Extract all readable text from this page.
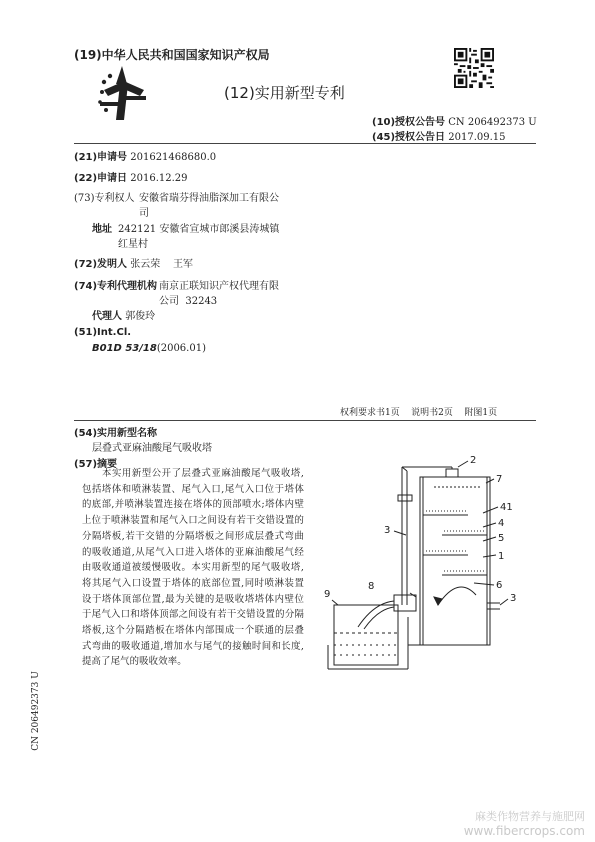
(19)中华人民共和国国家知识产权局
(12)实用新型专利
(10)授权公告号 CN 206492373 U
(45)授权公告日 2017.09.15
(21)申请号 201621468680.0
(22)申请日 2016.12.29
(73)专利权人 安徽省瑞芬得油脂深加工有限公
司
地址 242121 安徽省宣城市郎溪县涛城镇
红星村
(72)发明人 张云荣    王军
(74)专利代理机构 南京正联知识产权代理有限
公司  32243
代理人 郭俊玲
(51)Int.Cl.
B01D 53/18(2006.01)
权利要求书1页    说明书2页    附图1页
(54)实用新型名称
层叠式亚麻油酸尾气吸收塔
(57)摘要
本实用新型公开了层叠式亚麻油酸尾气吸收塔,包括塔体和喷淋装置、尾气入口,尾气入口位于塔体的底部,并喷淋装置连接在塔体的顶部喷水;塔体内壁上位于喷淋装置和尾气入口之间设有若干交错设置的分隔塔板,若干交错的分隔塔板之间形成层叠式弯曲的吸收通道,从尾气入口进入塔体的亚麻油酸尾气经由吸收通道被缓慢吸收。本实用新型的尾气吸收塔,将其尾气入口设置于塔体的底部位置,同时喷淋装置设于塔体顶部位置,最为关键的是吸收塔塔体内壁位于尾气入口和塔体顶部之间设有若干交错设置的分隔塔板,这个分隔踏板在塔体内部围成一个联通的层叠式弯曲的吸收通道,增加水与尾气的接触时间和长度,提高了尾气的吸收效率。
2
7
41
4
5
1
3
6
3
8
9
CN 206492373 U
麻类作物营养与施肥网
www.fibercrops.com
